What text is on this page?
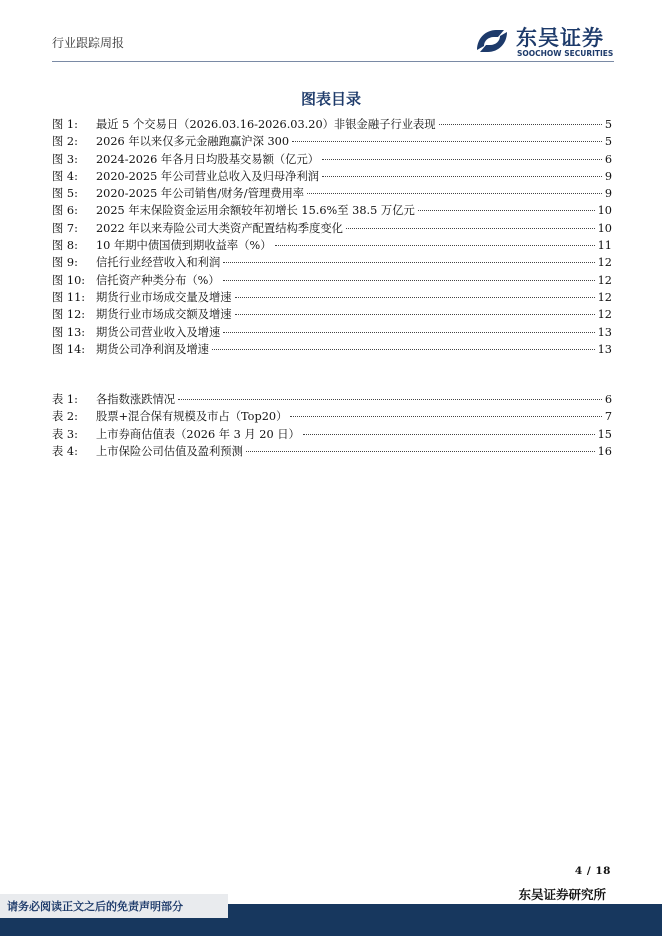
行业跟踪周报	东吴证券
SOOCHOW SECURITIES
图表目录
图 1:	最近 5 个交易日（2026.03.16-2026.03.20）非银金融子行业表现	5
图 2:	2026 年以来仅多元金融跑赢沪深 300	5
图 3:	2024-2026 年各月日均股基交易额（亿元）	6
图 4:	2020-2025 年公司营业总收入及归母净利润	9
图 5:	2020-2025 年公司销售/财务/管理费用率	9
图 6:	2025 年末保险资金运用余额较年初增长 15.6%至 38.5 万亿元	10
图 7:	2022 年以来寿险公司大类资产配置结构季度变化	10
图 8:	10 年期中债国债到期收益率（%）	11
图 9:	信托行业经营收入和利润	12
图 10: 信托资产种类分布（%）	12
图 11: 期货行业市场成交量及增速	12
图 12: 期货行业市场成交额及增速	12
图 13: 期货公司营业收入及增速	13
图 14: 期货公司净利润及增速	13
表 1:	各指数涨跌情况	6
表 2:	股票+混合保有规模及市占（Top20）	7
表 3:	上市券商估值表（2026 年 3 月 20 日）	15
表 4:	上市保险公司估值及盈利预测	16
4 / 18
东吴证券研究所
请务必阅读正文之后的免责声明部分
